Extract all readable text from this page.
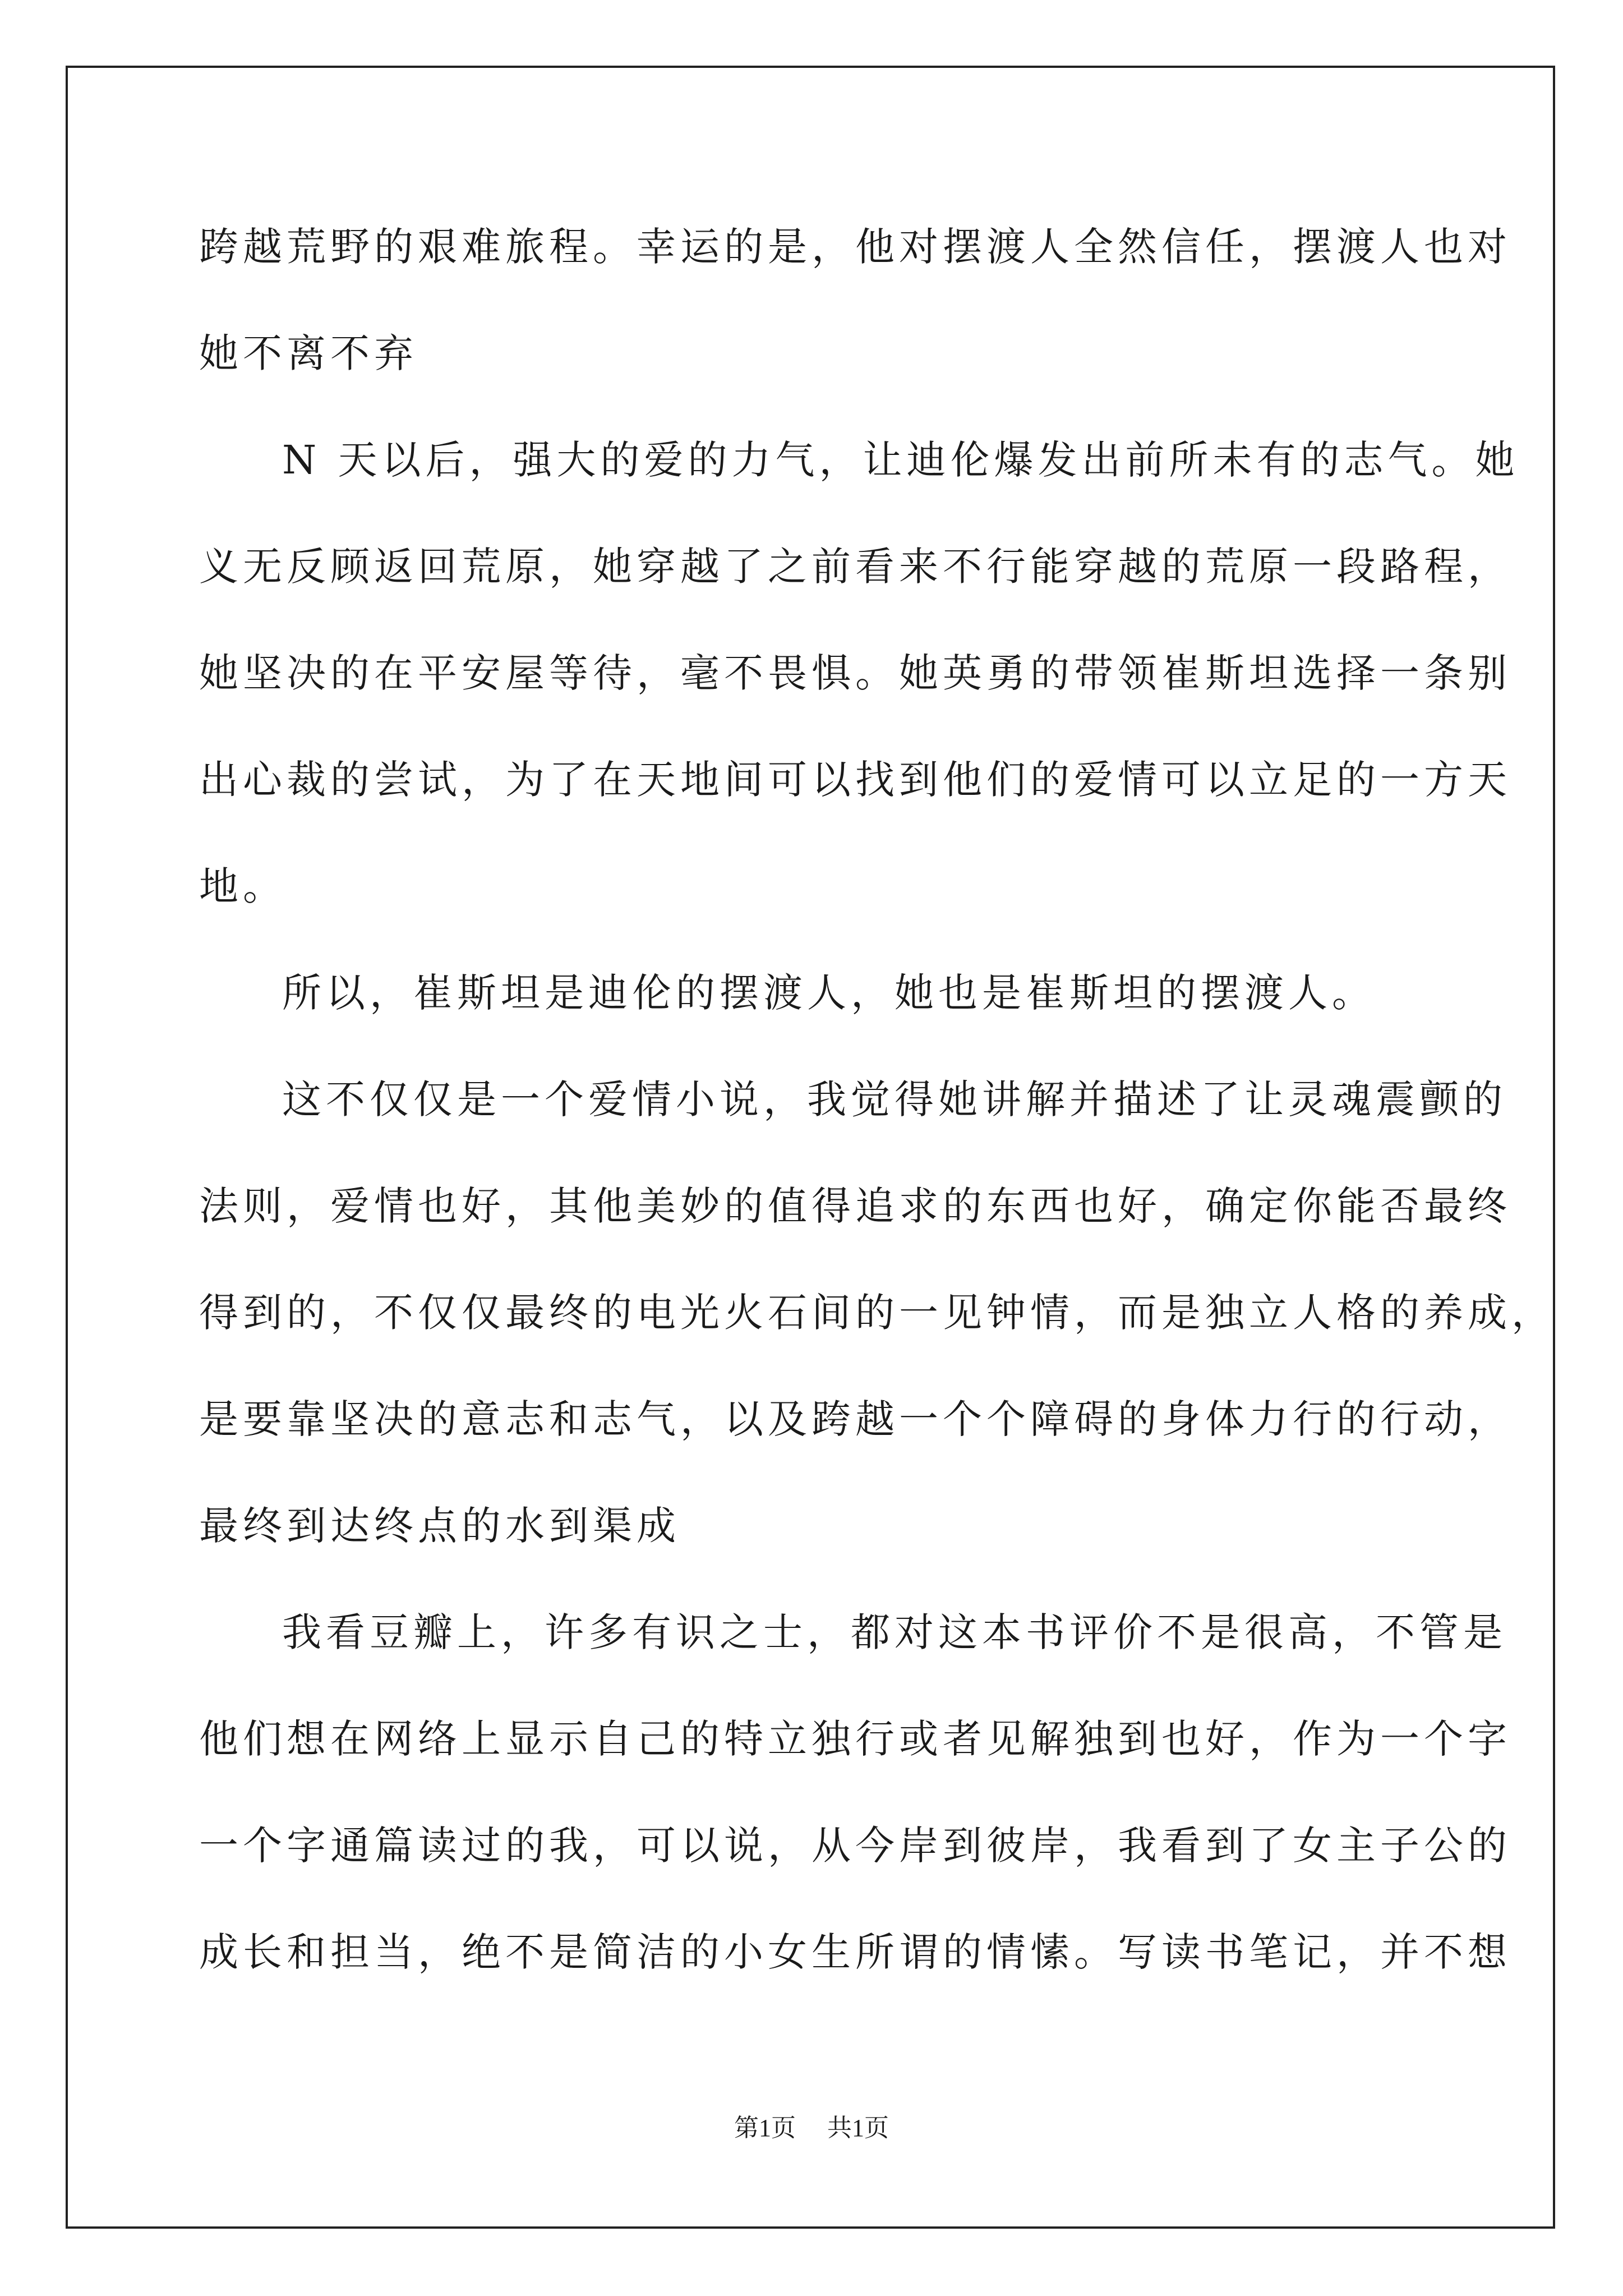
跨越荒野的艰难旅程。幸运的是，他对摆渡人全然信任，摆渡人也对
她不离不弃
N 天以后，强大的爱的力气，让迪伦爆发出前所未有的志气。她
义无反顾返回荒原，她穿越了之前看来不行能穿越的荒原一段路程，
她坚决的在平安屋等待，毫不畏惧。她英勇的带领崔斯坦选择一条别
出心裁的尝试，为了在天地间可以找到他们的爱情可以立足的一方天
地。
所以，崔斯坦是迪伦的摆渡人，她也是崔斯坦的摆渡人。
这不仅仅是一个爱情小说，我觉得她讲解并描述了让灵魂震颤的
法则，爱情也好，其他美妙的值得追求的东西也好，确定你能否最终
得到的，不仅仅最终的电光火石间的一见钟情，而是独立人格的养成，
是要靠坚决的意志和志气，以及跨越一个个障碍的身体力行的行动，
最终到达终点的水到渠成
我看豆瓣上，许多有识之士，都对这本书评价不是很高，不管是
他们想在网络上显示自己的特立独行或者见解独到也好，作为一个字
一个字通篇读过的我，可以说，从今岸到彼岸，我看到了女主子公的
成长和担当，绝不是简洁的小女生所谓的情愫。写读书笔记，并不想
第1页 共1页
